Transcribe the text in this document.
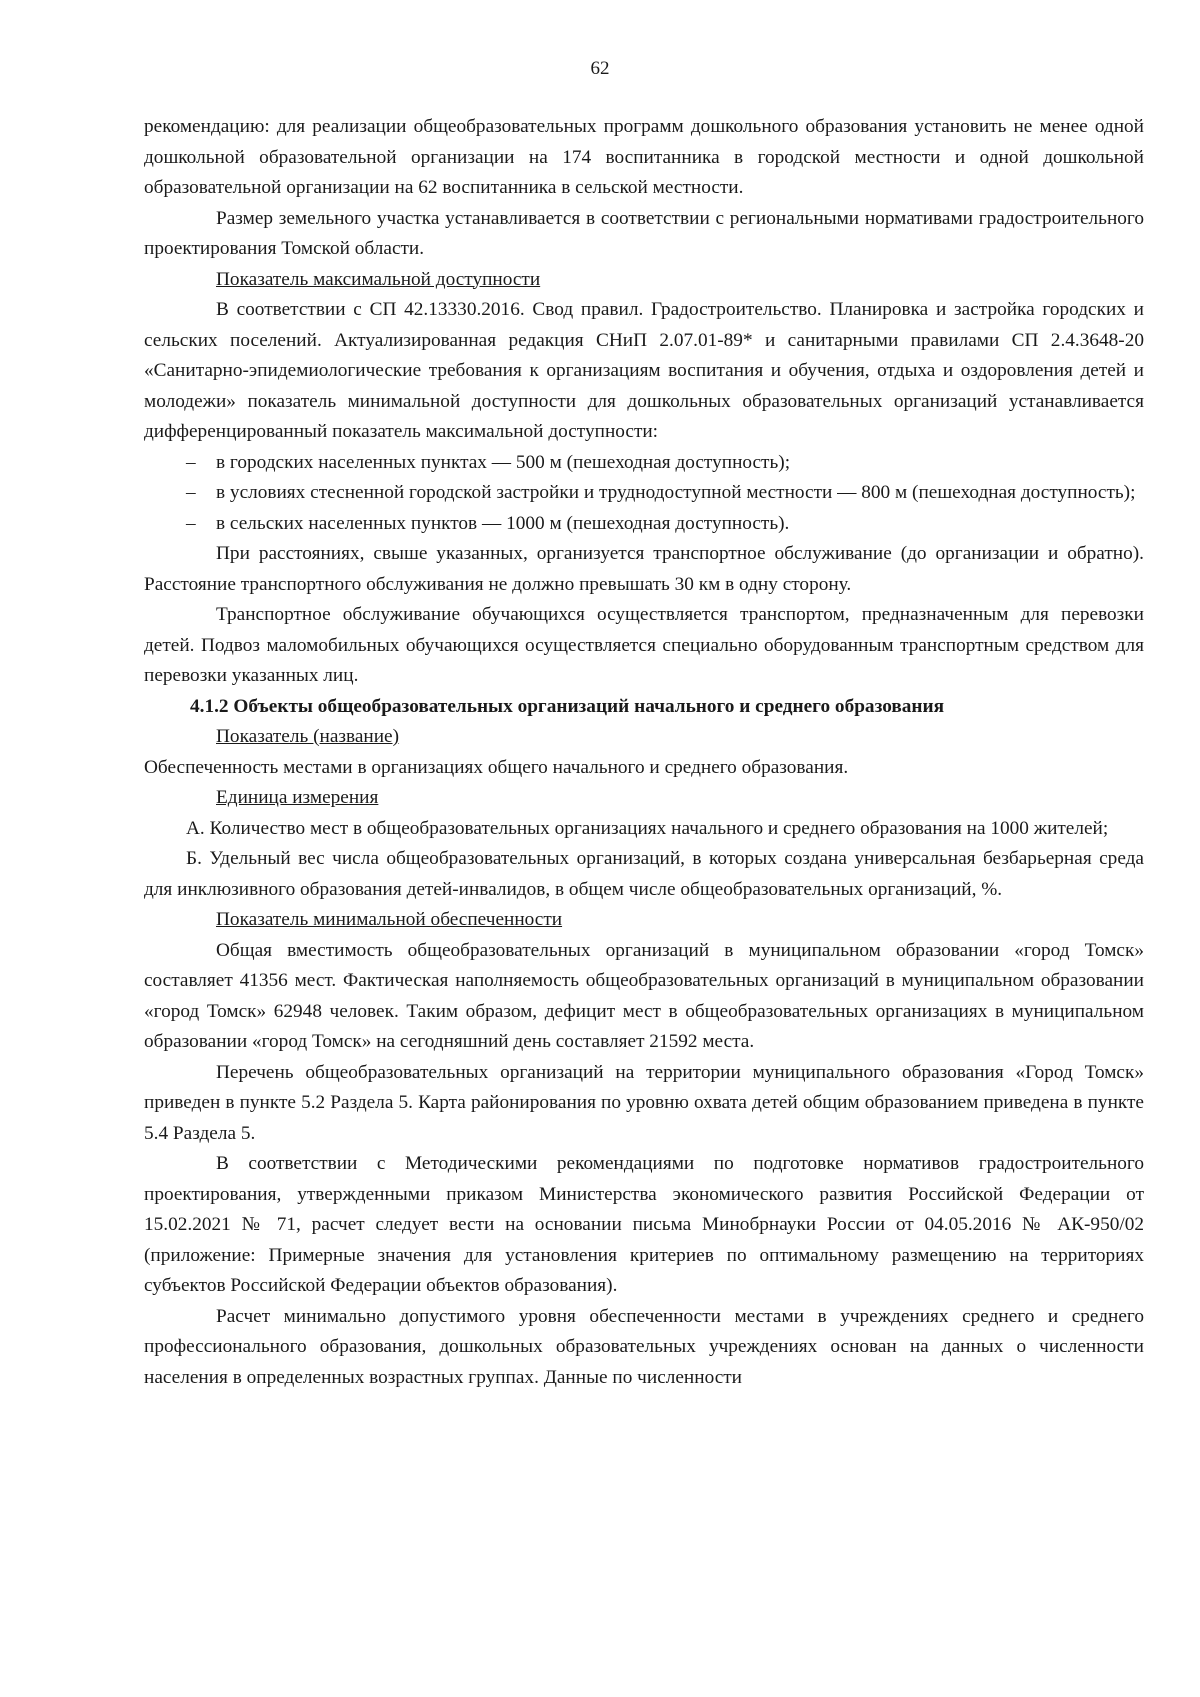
62

рекомендацию: для реализации общеобразовательных программ дошкольного образования установить не менее одной дошкольной образовательной организации на 174 воспитанника в городской местности и одной дошкольной образовательной организации на 62 воспитанника в сельской местности.

Размер земельного участка устанавливается в соответствии с региональными нормативами градостроительного проектирования Томской области.

Показатель максимальной доступности

В соответствии с СП 42.13330.2016. Свод правил. Градостроительство. Планировка и застройка городских и сельских поселений. Актуализированная редакция СНиП 2.07.01-89* и санитарными правилами СП 2.4.3648-20 «Санитарно-эпидемиологические требования к организациям воспитания и обучения, отдыха и оздоровления детей и молодежи» показатель минимальной доступности для дошкольных образовательных организаций устанавливается дифференцированный показатель максимальной доступности:

– в городских населенных пунктах — 500 м (пешеходная доступность);

– в условиях стесненной городской застройки и труднодоступной местности — 800 м (пешеходная доступность);

– в сельских населенных пунктов — 1000 м (пешеходная доступность).

При расстояниях, свыше указанных, организуется транспортное обслуживание (до организации и обратно). Расстояние транспортного обслуживания не должно превышать 30 км в одну сторону.

Транспортное обслуживание обучающихся осуществляется транспортом, предназначенным для перевозки детей. Подвоз маломобильных обучающихся осуществляется специально оборудованным транспортным средством для перевозки указанных лиц.

4.1.2 Объекты общеобразовательных организаций начального и среднего образования

Показатель (название)

Обеспеченность местами в организациях общего начального и среднего образования.

Единица измерения

А. Количество мест в общеобразовательных организациях начального и среднего образования на 1000 жителей;

Б. Удельный вес числа общеобразовательных организаций, в которых создана универсальная безбарьерная среда для инклюзивного образования детей-инвалидов, в общем числе общеобразовательных организаций, %.

Показатель минимальной обеспеченности

Общая вместимость общеобразовательных организаций в муниципальном образовании «город Томск» составляет 41356 мест. Фактическая наполняемость общеобразовательных организаций в муниципальном образовании «город Томск» 62948 человек. Таким образом, дефицит мест в общеобразовательных организациях в муниципальном образовании «город Томск» на сегодняшний день составляет 21592 места.

Перечень общеобразовательных организаций на территории муниципального образования «Город Томск» приведен в пункте 5.2 Раздела 5. Карта районирования по уровню охвата детей общим образованием приведена в пункте 5.4 Раздела 5.

В соответствии с Методическими рекомендациями по подготовке нормативов градостроительного проектирования, утвержденными приказом Министерства экономического развития Российской Федерации от 15.02.2021 № 71, расчет следует вести на основании письма Минобрнауки России от 04.05.2016 № АК-950/02 (приложение: Примерные значения для установления критериев по оптимальному размещению на территориях субъектов Российской Федерации объектов образования).

Расчет минимально допустимого уровня обеспеченности местами в учреждениях среднего и среднего профессионального образования, дошкольных образовательных учреждениях основан на данных о численности населения в определенных возрастных группах. Данные по численности
